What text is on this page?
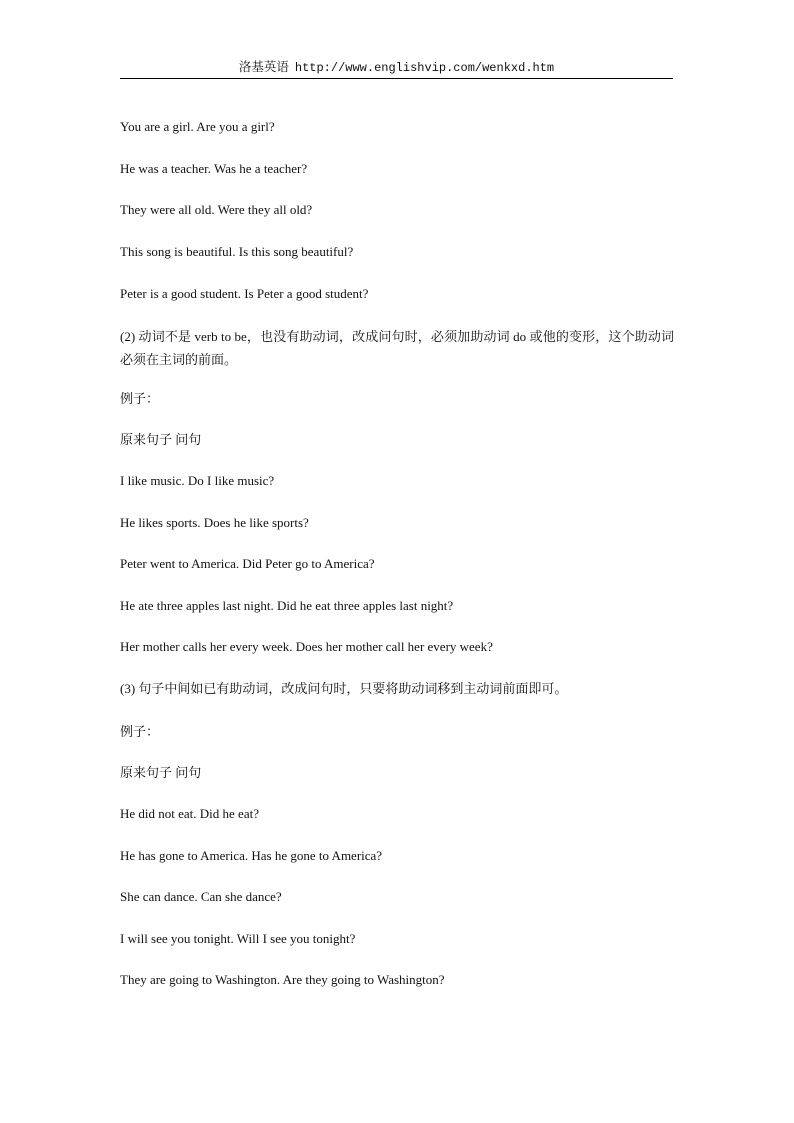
洛基英语 http://www.englishvip.com/wenkxd.htm
You are a girl. Are you a girl?
He was a teacher. Was he a teacher?
They were all old. Were they all old?
This song is beautiful. Is this song beautiful?
Peter is a good student. Is Peter a good student?
(2) 动词不是 verb to be，也没有助动词，改成问句时，必须加助动词 do 或他的变形，这个助动词必须在主词的前面。
例子：
原来句子 问句
I like music. Do I like music?
He likes sports. Does he like sports?
Peter went to America. Did Peter go to America?
He ate three apples last night. Did he eat three apples last night?
Her mother calls her every week. Does her mother call her every week?
(3) 句子中间如已有助动词，改成问句时，只要将助动词移到主动词前面即可。
例子：
原来句子 问句
He did not eat. Did he eat?
He has gone to America. Has he gone to America?
She can dance. Can she dance?
I will see you tonight. Will I see you tonight?
They are going to Washington. Are they going to Washington?
